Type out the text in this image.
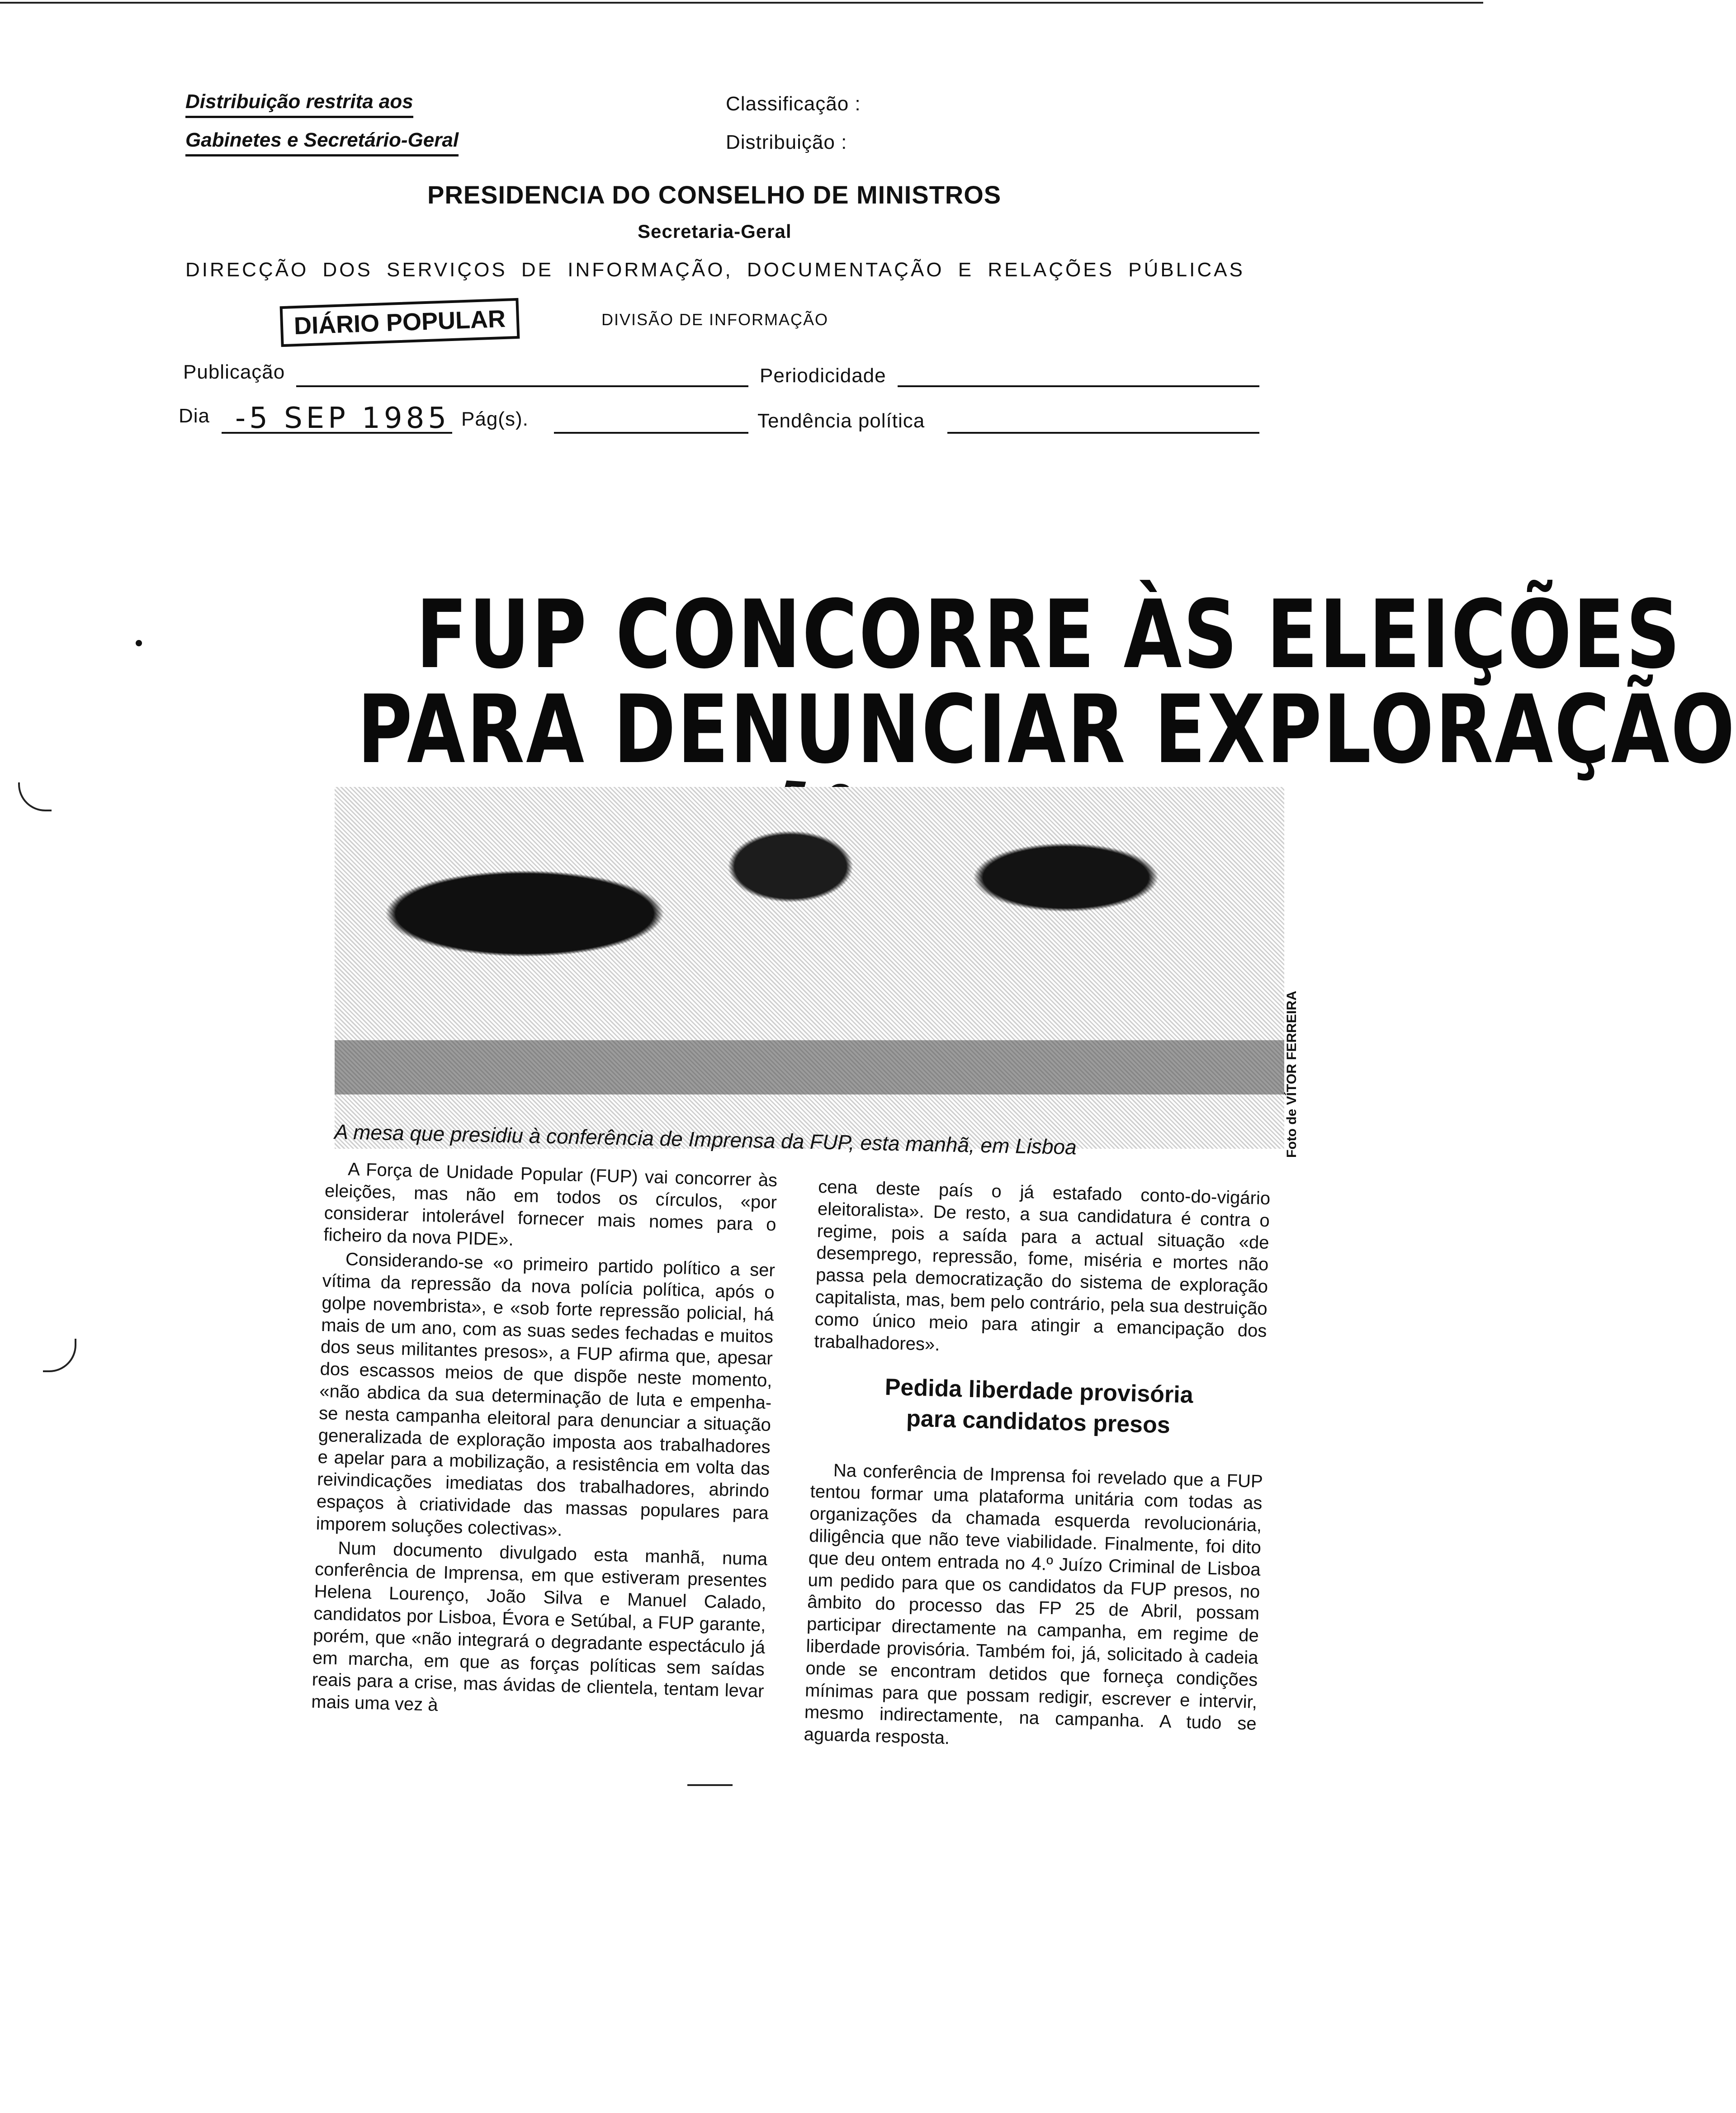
Distribuição restrita aos
Gabinetes e Secretário-Geral
Classificação :
Distribuição :
PRESIDENCIA DO CONSELHO DE MINISTROS
Secretaria-Geral
DIRECÇÃO DOS SERVIÇOS DE INFORMAÇÃO, DOCUMENTAÇÃO E RELAÇÕES PÚBLICAS
DIÁRIO POPULAR	DIVISÃO DE INFORMAÇÃO
Publicação	Periodicidade
Dia -5 SEP 1985 Pág(s).	Tendência política
FUP CONCORRE ÀS ELEIÇÕES
PARA DENUNCIAR EXPLORAÇÃO
Foto de VÍTOR FERREIRA
A mesa que presidiu à conferência de Imprensa da FUP, esta manhã, em Lisboa

A Força de Unidade Popular (FUP) vai concorrer às eleições, mas não em todos os círculos, «por considerar intolerável fornecer mais nomes para o ficheiro da nova PIDE».

Considerando-se «o primeiro partido político a ser vítima da repressão da nova polícia política, após o golpe novembrista», e «sob forte repressão policial, há mais de um ano, com as suas sedes fechadas e muitos dos seus militantes presos», a FUP afirma que, apesar dos escassos meios de que dispõe neste momento, «não abdica da sua determinação de luta e empenha-se nesta campanha eleitoral para denunciar a situação generalizada de exploração imposta aos trabalhadores e apelar para a mobilização, a resistência em volta das reivindicações imediatas dos trabalhadores, abrindo espaços à criatividade das massas populares para imporem soluções colectivas».

Num documento divulgado esta manhã, numa conferência de Imprensa, em que estiveram presentes Helena Lourenço, João Silva e Manuel Calado, candidatos por Lisboa, Évora e Setúbal, a FUP garante, porém, que «não integrará o degradante espectáculo já em marcha, em que as forças políticas sem saídas reais para a crise, mas ávidas de clientela, tentam levar mais uma vez à

cena deste país o já estafado conto-do-vigário eleitoralista». De resto, a sua candidatura é contra o regime, pois a saída para a actual situação «de desemprego, repressão, fome, miséria e mortes não passa pela democratização do sistema de exploração capitalista, mas, bem pelo contrário, pela sua destruição como único meio para atingir a emancipação dos trabalhadores».

Pedida liberdade provisória
para candidatos presos

Na conferência de Imprensa foi revelado que a FUP tentou formar uma plataforma unitária com todas as organizações da chamada esquerda revolucionária, diligência que não teve viabilidade. Finalmente, foi dito que deu ontem entrada no 4.º Juízo Criminal de Lisboa um pedido para que os candidatos da FUP presos, no âmbito do processo das FP 25 de Abril, possam participar directamente na campanha, em regime de liberdade provisória. Também foi, já, solicitado à cadeia onde se encontram detidos que forneça condições mínimas para que possam redigir, escrever e intervir, mesmo indirectamente, na campanha. A tudo se aguarda resposta.
